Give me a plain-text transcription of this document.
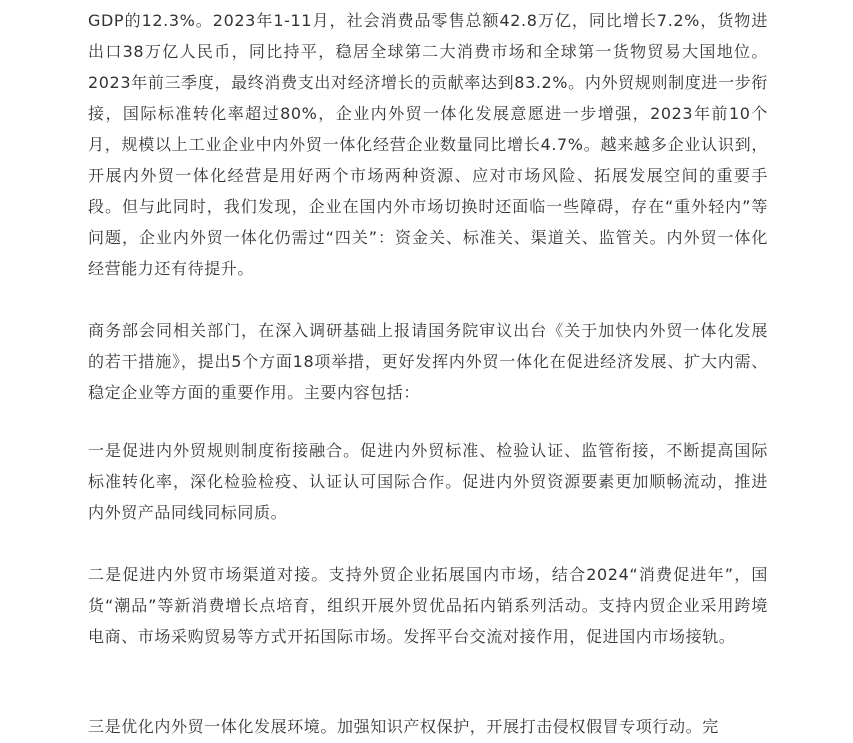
GDP的12.3%。2023年1-11月，社会消费品零售总额42.8万亿，同比增长7.2%，货物进出口38万亿人民币，同比持平，稳居全球第二大消费市场和全球第一货物贸易大国地位。2023年前三季度，最终消费支出对经济增长的贡献率达到83.2%。内外贸规则制度进一步衔接，国际标准转化率超过80%，企业内外贸一体化发展意愿进一步增强，2023年前10个月，规模以上工业企业中内外贸一体化经营企业数量同比增长4.7%。越来越多企业认识到，开展内外贸一体化经营是用好两个市场两种资源、应对市场风险、拓展发展空间的重要手段。但与此同时，我们发现，企业在国内外市场切换时还面临一些障碍，存在“重外轻内”等问题，企业内外贸一体化仍需过“四关”：资金关、标准关、渠道关、监管关。内外贸一体化经营能力还有待提升。

商务部会同相关部门，在深入调研基础上报请国务院审议出台《关于加快内外贸一体化发展的若干措施》，提出5个方面18项举措，更好发挥内外贸一体化在促进经济发展、扩大内需、稳定企业等方面的重要作用。主要内容包括：

一是促进内外贸规则制度衔接融合。促进内外贸标准、检验认证、监管衔接，不断提高国际标准转化率，深化检验检疫、认证认可国际合作。促进内外贸资源要素更加顺畅流动，推进内外贸产品同线同标同质。

二是促进内外贸市场渠道对接。支持外贸企业拓展国内市场，结合2024“消费促进年”，国货“潮品”等新消费增长点培育，组织开展外贸优品拓内销系列活动。支持内贸企业采用跨境电商、市场采购贸易等方式开拓国际市场。发挥平台交流对接作用，促进国内市场接轨。

三是优化内外贸一体化发展环境。加强知识产权保护，开展打击侵权假冒专项行动。完
